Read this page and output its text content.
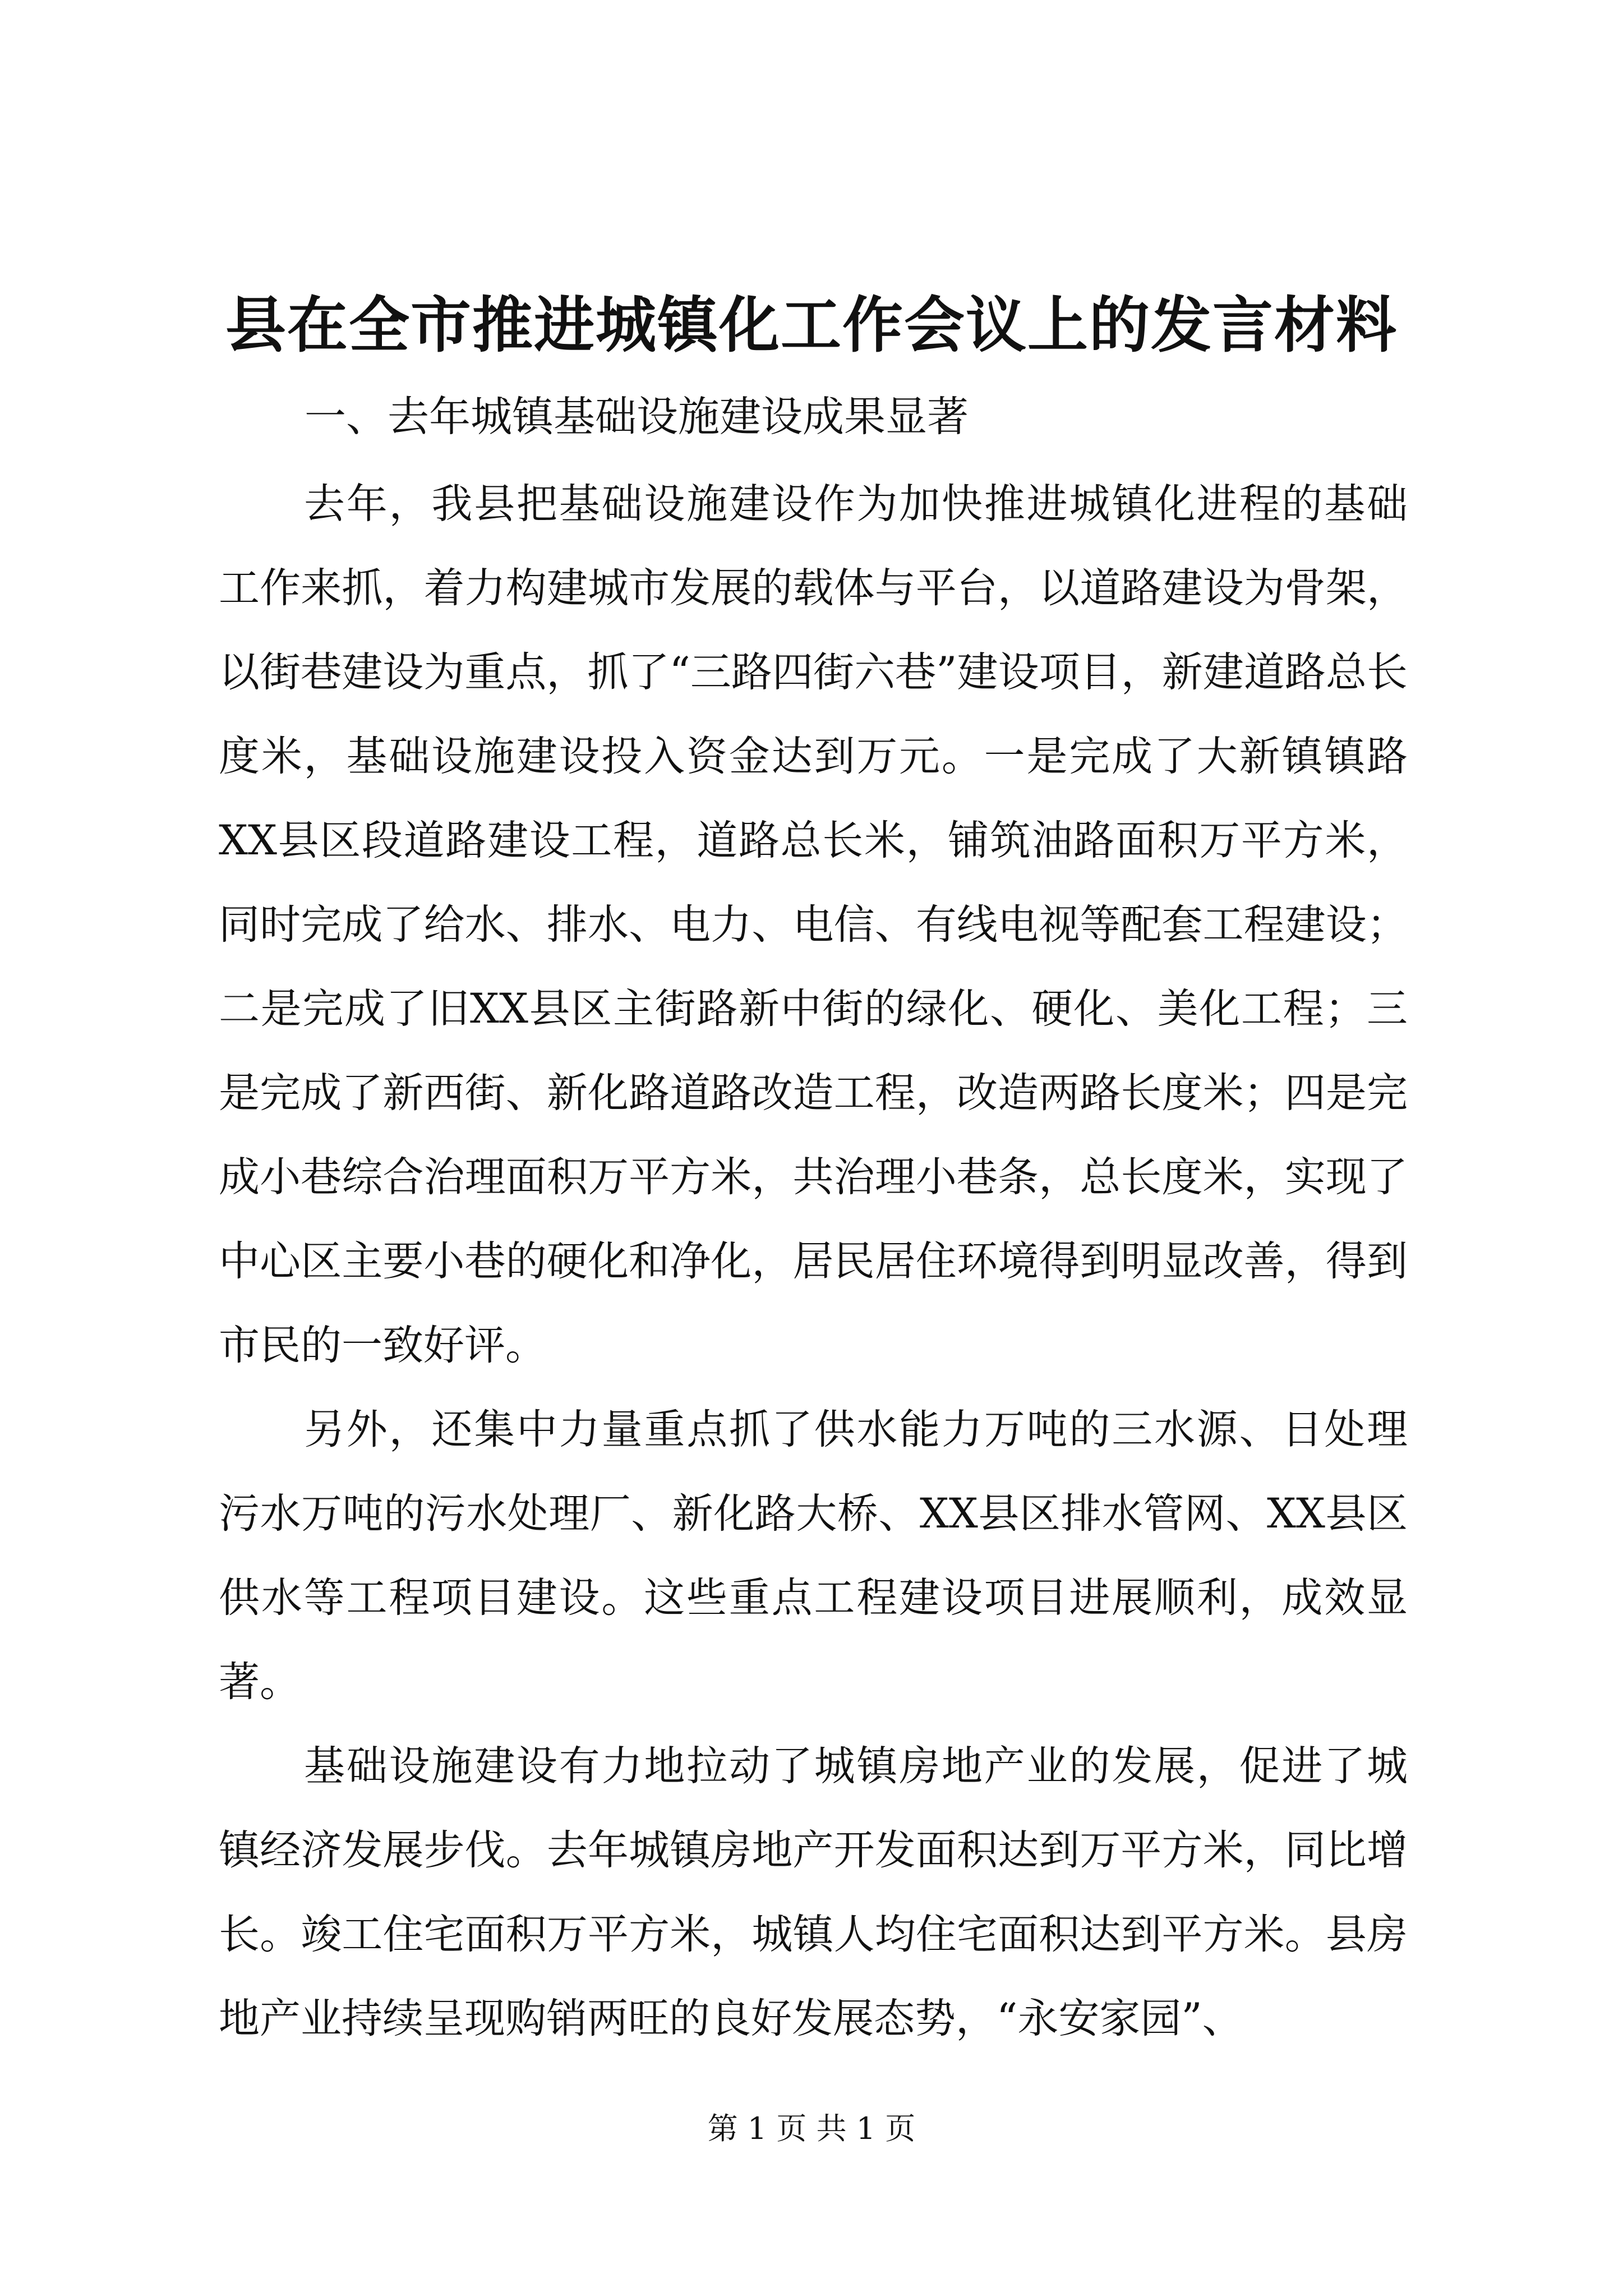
县在全市推进城镇化工作会议上的发言材料
一、去年城镇基础设施建设成果显著

去年，我县把基础设施建设作为加快推进城镇化进程的基础工作来抓，着力构建城市发展的载体与平台，以道路建设为骨架，以街巷建设为重点，抓了“三路四街六巷”建设项目，新建道路总长度米，基础设施建设投入资金达到万元。一是完成了大新镇镇路XX县区段道路建设工程，道路总长米，铺筑油路面积万平方米，同时完成了给水、排水、电力、电信、有线电视等配套工程建设；二是完成了旧XX县区主街路新中街的绿化、硬化、美化工程；三是完成了新西街、新化路道路改造工程，改造两路长度米；四是完成小巷综合治理面积万平方米，共治理小巷条，总长度米，实现了中心区主要小巷的硬化和净化，居民居住环境得到明显改善，得到市民的一致好评。

另外，还集中力量重点抓了供水能力万吨的三水源、日处理污水万吨的污水处理厂、新化路大桥、XX县区排水管网、XX县区供水等工程项目建设。这些重点工程建设项目进展顺利，成效显著。

基础设施建设有力地拉动了城镇房地产业的发展，促进了城镇经济发展步伐。去年城镇房地产开发面积达到万平方米，同比增长。竣工住宅面积万平方米，城镇人均住宅面积达到平方米。县房地产业持续呈现购销两旺的良好发展态势，“永安家园”、

第 1 页 共 1 页
